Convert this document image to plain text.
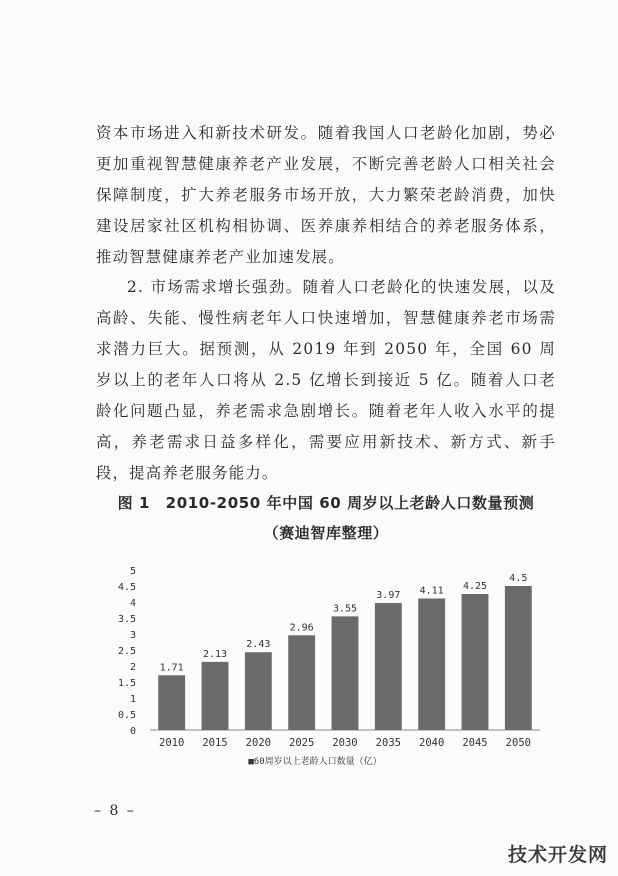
资本市场进入和新技术研发。随着我国人口老龄化加剧，势必更加重视智慧健康养老产业发展，不断完善老龄人口相关社会保障制度，扩大养老服务市场开放，大力繁荣老龄消费，加快建设居家社区机构相协调、医养康养相结合的养老服务体系，推动智慧健康养老产业加速发展。

2. 市场需求增长强劲。随着人口老龄化的快速发展，以及高龄、失能、慢性病老年人口快速增加，智慧健康养老市场需求潜力巨大。据预测，从 2019 年到 2050 年，全国 60 周岁以上的老年人口将从 2.5 亿增长到接近 5 亿。随着人口老龄化问题凸显，养老需求急剧增长。随着老年人收入水平的提高，养老需求日益多样化，需要应用新技术、新方式、新手段，提高养老服务能力。

图 1　2010-2050 年中国 60 周岁以上老龄人口数量预测

（赛迪智库整理）

0
0.5
1
1.5
2
2.5
3
3.5
4
4.5
5
1.71
2010
2.13
2015
2.43
2020
2.96
2025
3.55
2030
3.97
2035
4.11
2040
4.25
2045
4.5
2050
■60周岁以上老龄人口数量（亿）
– 8 –
技术开发网
